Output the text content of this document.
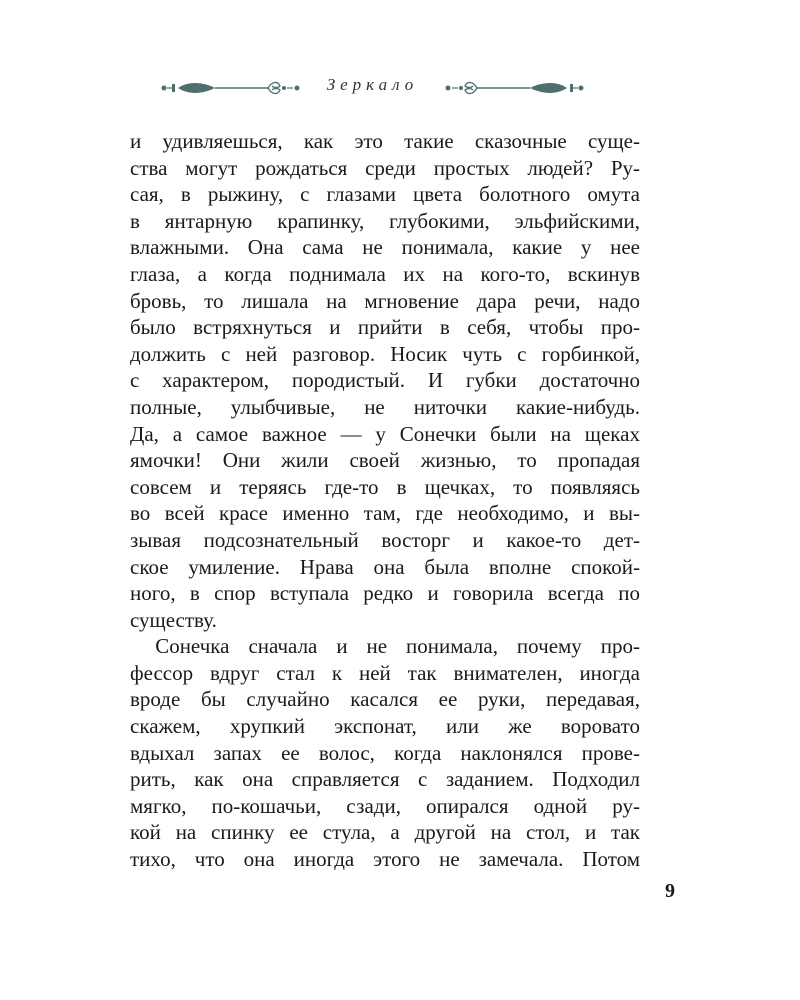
Зеркало
и удивляешься, как это такие сказочные суще-
ства могут рождаться среди простых людей? Ру-
сая, в рыжину, с глазами цвета болотного омута
в янтарную крапинку, глубокими, эльфийскими,
влажными. Она сама не понимала, какие у нее
глаза, а когда поднимала их на кого-то, вскинув
бровь, то лишала на мгновение дара речи, надо
было встряхнуться и прийти в себя, чтобы про-
должить с ней разговор. Носик чуть с горбинкой,
с характером, породистый. И губки достаточно
полные, улыбчивые, не ниточки какие-нибудь.
Да, а самое важное — у Сонечки были на щеках
ямочки! Они жили своей жизнью, то пропадая
совсем и теряясь где-то в щечках, то появляясь
во всей красе именно там, где необходимо, и вы-
зывая подсознательный восторг и какое-то дет-
ское умиление. Нрава она была вполне спокой-
ного, в спор вступала редко и говорила всегда по
существу.
Сонечка сначала и не понимала, почему про-
фессор вдруг стал к ней так внимателен, иногда
вроде бы случайно касался ее руки, передавая,
скажем, хрупкий экспонат, или же воровато
вдыхал запах ее волос, когда наклонялся прове-
рить, как она справляется с заданием. Подходил
мягко, по-кошачьи, сзади, опирался одной ру-
кой на спинку ее стула, а другой на стол, и так
тихо, что она иногда этого не замечала. Потом
9
